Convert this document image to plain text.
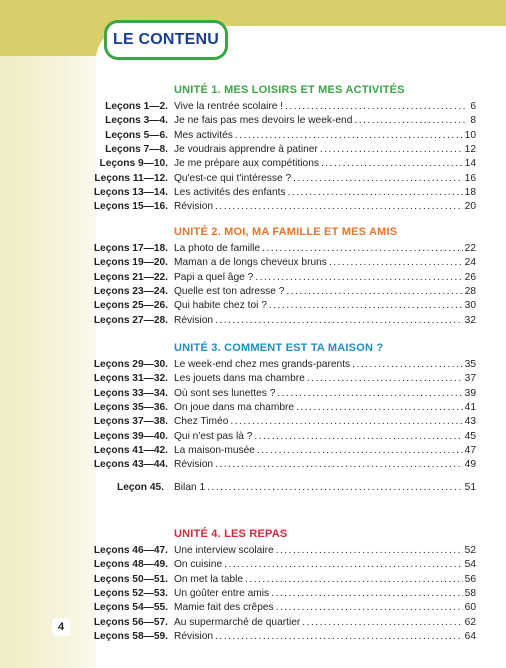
LE CONTENU
UNITÉ 1. MES LOISIRS ET MES ACTIVITÉS
Leçons 1—2. Vive la rentrée scolaire ! .....	6
Leçons 3—4. Je ne fais pas mes devoirs le week-end .....	8
Leçons 5—6. Mes activités .....	10
Leçons 7—8. Je voudrais apprendre à patiner .....	12
Leçons 9—10. Je me prépare aux compétitions .....	14
Leçons 11—12. Qu'est-ce qui t'intéresse ? .....	16
Leçons 13—14. Les activités des enfants .....	18
Leçons 15—16. Révision .....	20
UNITÉ 2. MOI, MA FAMILLE ET MES AMIS
Leçons 17—18. La photo de famille .....	22
Leçons 19—20. Maman a de longs cheveux bruns .....	24
Leçons 21—22. Papi a quel âge ? .....	26
Leçons 23—24. Quelle est ton adresse ? .....	28
Leçons 25—26. Qui habite chez toi ? .....	30
Leçons 27—28. Révision .....	32
UNITÉ 3. COMMENT EST TA MAISON ?
Leçons 29—30. Le week-end chez mes grands-parents .....	35
Leçons 31—32. Les jouets dans ma chambre .....	37
Leçons 33—34. Où sont ses lunettes ? .....	39
Leçons 35—36. On joue dans ma chambre .....	41
Leçons 37—38. Chez Timéo .....	43
Leçons 39—40. Qui n'est pas là ? .....	45
Leçons 41—42. La maison-musée .....	47
Leçons 43—44. Révision .....	49
Leçon 45. Bilan 1 .....	51
UNITÉ 4. LES REPAS
Leçons 46—47. Une interview scolaire .....	52
Leçons 48—49. On cuisine .....	54
Leçons 50—51. On met la table .....	56
Leçons 52—53. Un goûter entre amis .....	58
Leçons 54—55. Mamie fait des crêpes .....	60
Leçons 56—57. Au supermarché de quartier .....	62
Leçons 58—59. Révision .....	64
4
